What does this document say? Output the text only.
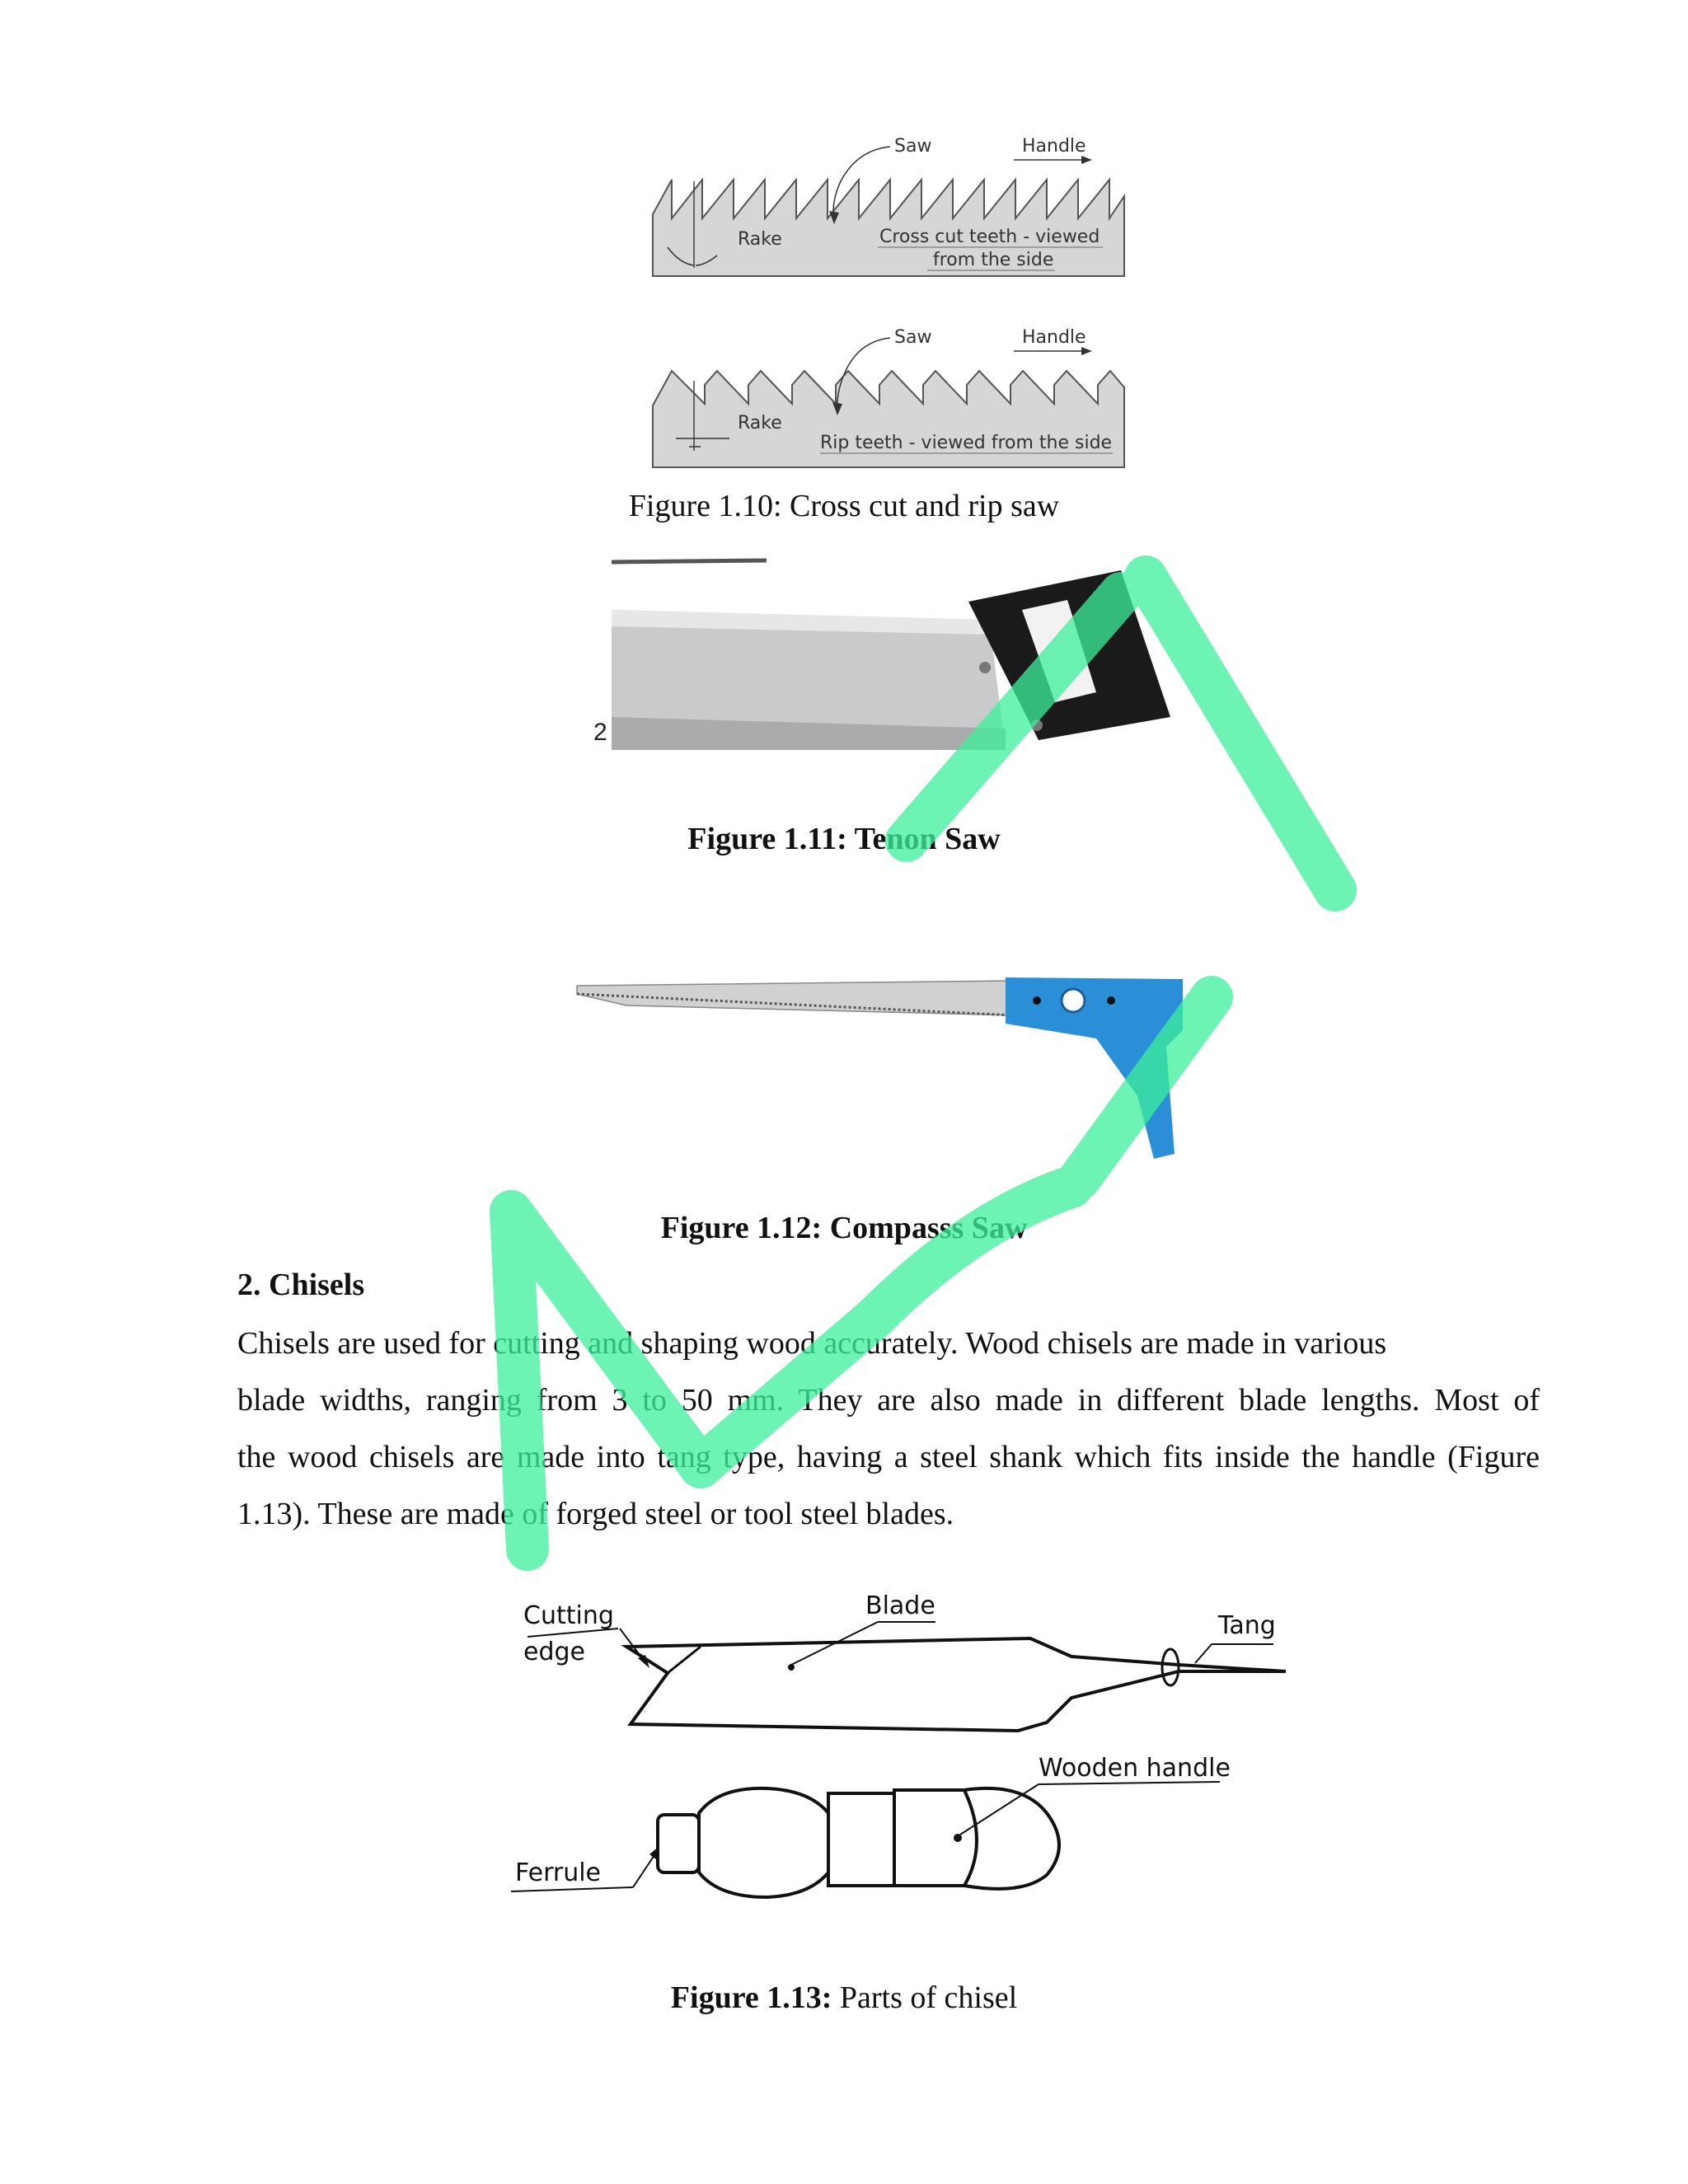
Saw	Handle
Rake	Cross cut teeth - viewed
from the side
Saw	Handle
Rake
Rip teeth - viewed from the side
Figure 1.10: Cross cut and rip saw
2
Figure 1.11: Tenon Saw
Figure 1.12: Compasss Saw
2. Chisels
Chisels are used for cutting and shaping wood accurately. Wood chisels are made in various
blade widths, ranging from 3 to 50 mm. They are also made in different blade lengths. Most of
the wood chisels are made into tang type, having a steel shank which fits inside the handle (Figure
1.13). These are made of forged steel or tool steel blades.
Blade
Tang
Cutting
edge
Wooden handle
Ferrule
Figure 1.13: Parts of chisel
